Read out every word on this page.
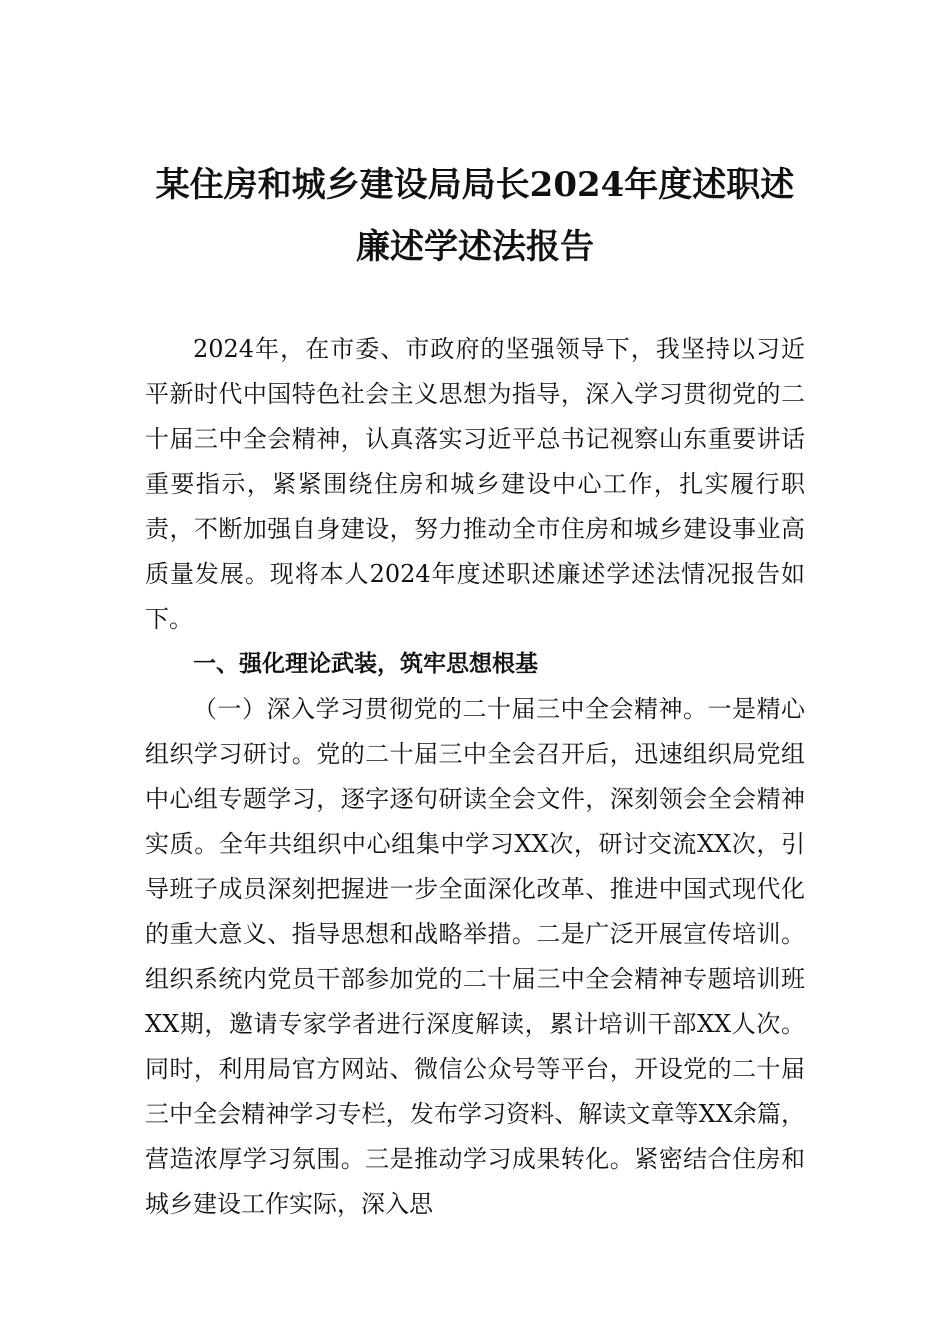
某住房和城乡建设局局长2024年度述职述
廉述学述法报告

2024年，在市委、市政府的坚强领导下，我坚持以习近平新时代中国特色社会主义思想为指导，深入学习贯彻党的二十届三中全会精神，认真落实习近平总书记视察山东重要讲话重要指示，紧紧围绕住房和城乡建设中心工作，扎实履行职责，不断加强自身建设，努力推动全市住房和城乡建设事业高质量发展。现将本人2024年度述职述廉述学述法情况报告如下。

一、强化理论武装，筑牢思想根基

（一）深入学习贯彻党的二十届三中全会精神。一是精心组织学习研讨。党的二十届三中全会召开后，迅速组织局党组中心组专题学习，逐字逐句研读全会文件，深刻领会全会精神实质。全年共组织中心组集中学习XX次，研讨交流XX次，引导班子成员深刻把握进一步全面深化改革、推进中国式现代化的重大意义、指导思想和战略举措。二是广泛开展宣传培训。组织系统内党员干部参加党的二十届三中全会精神专题培训班XX期，邀请专家学者进行深度解读，累计培训干部XX人次。同时，利用局官方网站、微信公众号等平台，开设党的二十届三中全会精神学习专栏，发布学习资料、解读文章等XX余篇，营造浓厚学习氛围。三是推动学习成果转化。紧密结合住房和城乡建设工作实际，深入思
